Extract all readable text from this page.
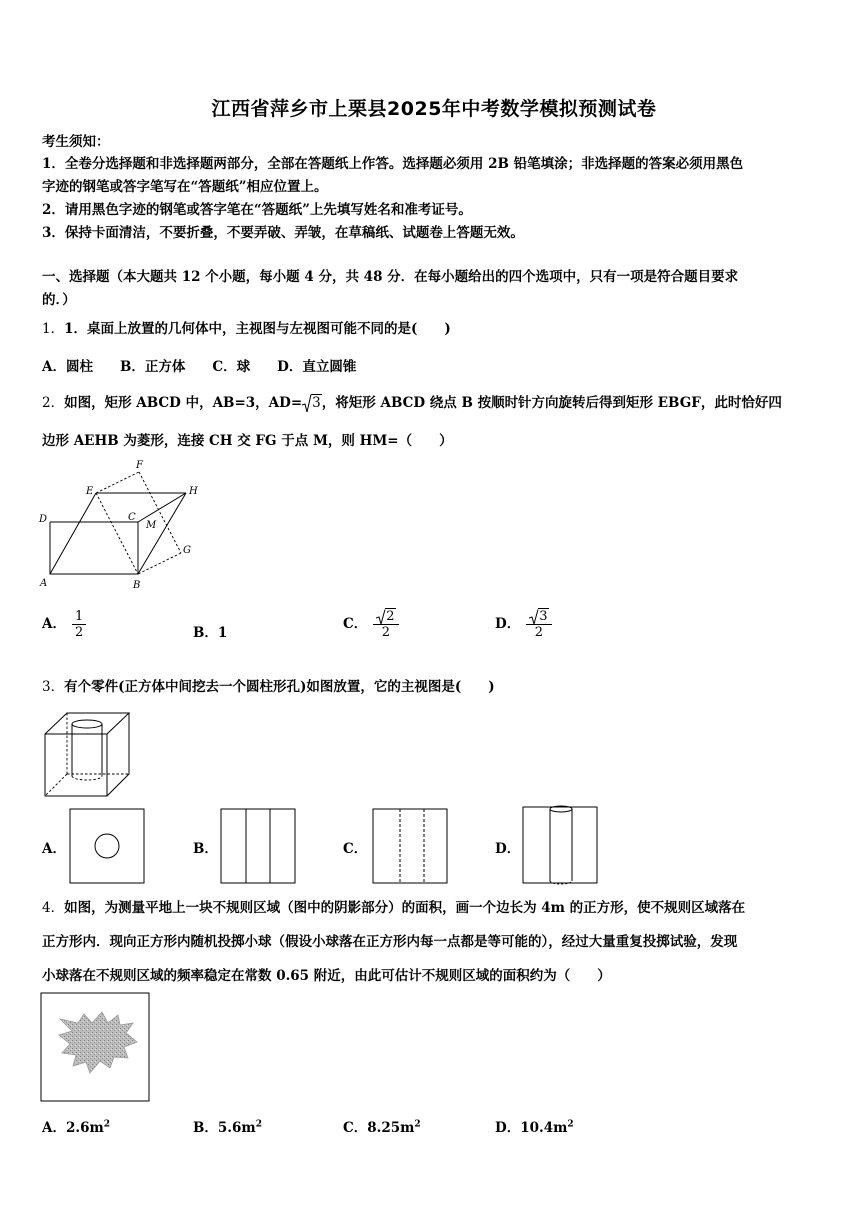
江西省萍乡市上栗县2025年中考数学模拟预测试卷
考生须知：
1．全卷分选择题和非选择题两部分，全部在答题纸上作答。选择题必须用 2B 铅笔填涂；非选择题的答案必须用黑色
字迹的钢笔或答字笔写在“答题纸”相应位置上。
2．请用黑色字迹的钢笔或答字笔在“答题纸”上先填写姓名和准考证号。
3．保持卡面清洁，不要折叠，不要弄破、弄皱，在草稿纸、试题卷上答题无效。
一、选择题（本大题共 12 个小题，每小题 4 分，共 48 分．在每小题给出的四个选项中，只有一项是符合题目要求
的．）
1．1．桌面上放置的几何体中，主视图与左视图可能不同的是(　　)
A．圆柱　　B．正方体　　C．球　　D．直立圆锥
2．如图，矩形 ABCD 中，AB=3，AD= 3，将矩形 ABCD 绕点 B 按顺时针方向旋转后得到矩形 EBGF，此时恰好四
边形 AEHB 为菱形，连接 CH 交 FG 于点 M，则 HM=（　　）
D
A	B
C
E
F
H
G
M
A． $\frac{1}{2}$	B．1
C． $\frac{2}{2}$	D． $\frac{3}{2}$
3．有个零件(正方体中间挖去一个圆柱形孔)如图放置，它的主视图是(　　)
A．	B．	C．	D．
4．如图，为测量平地上一块不规则区域（图中的阴影部分）的面积，画一个边长为 4m 的正方形，使不规则区域落在
正方形内．现向正方形内随机投掷小球（假设小球落在正方形内每一点都是等可能的），经过大量重复投掷试验，发现
小球落在不规则区域的频率稳定在常数 0.65 附近，由此可估计不规则区域的面积约为（　　）
A．$2.6m^2$	B．$5.6m^2$	C．$8.25m^2$	D．$10.4m^2$
